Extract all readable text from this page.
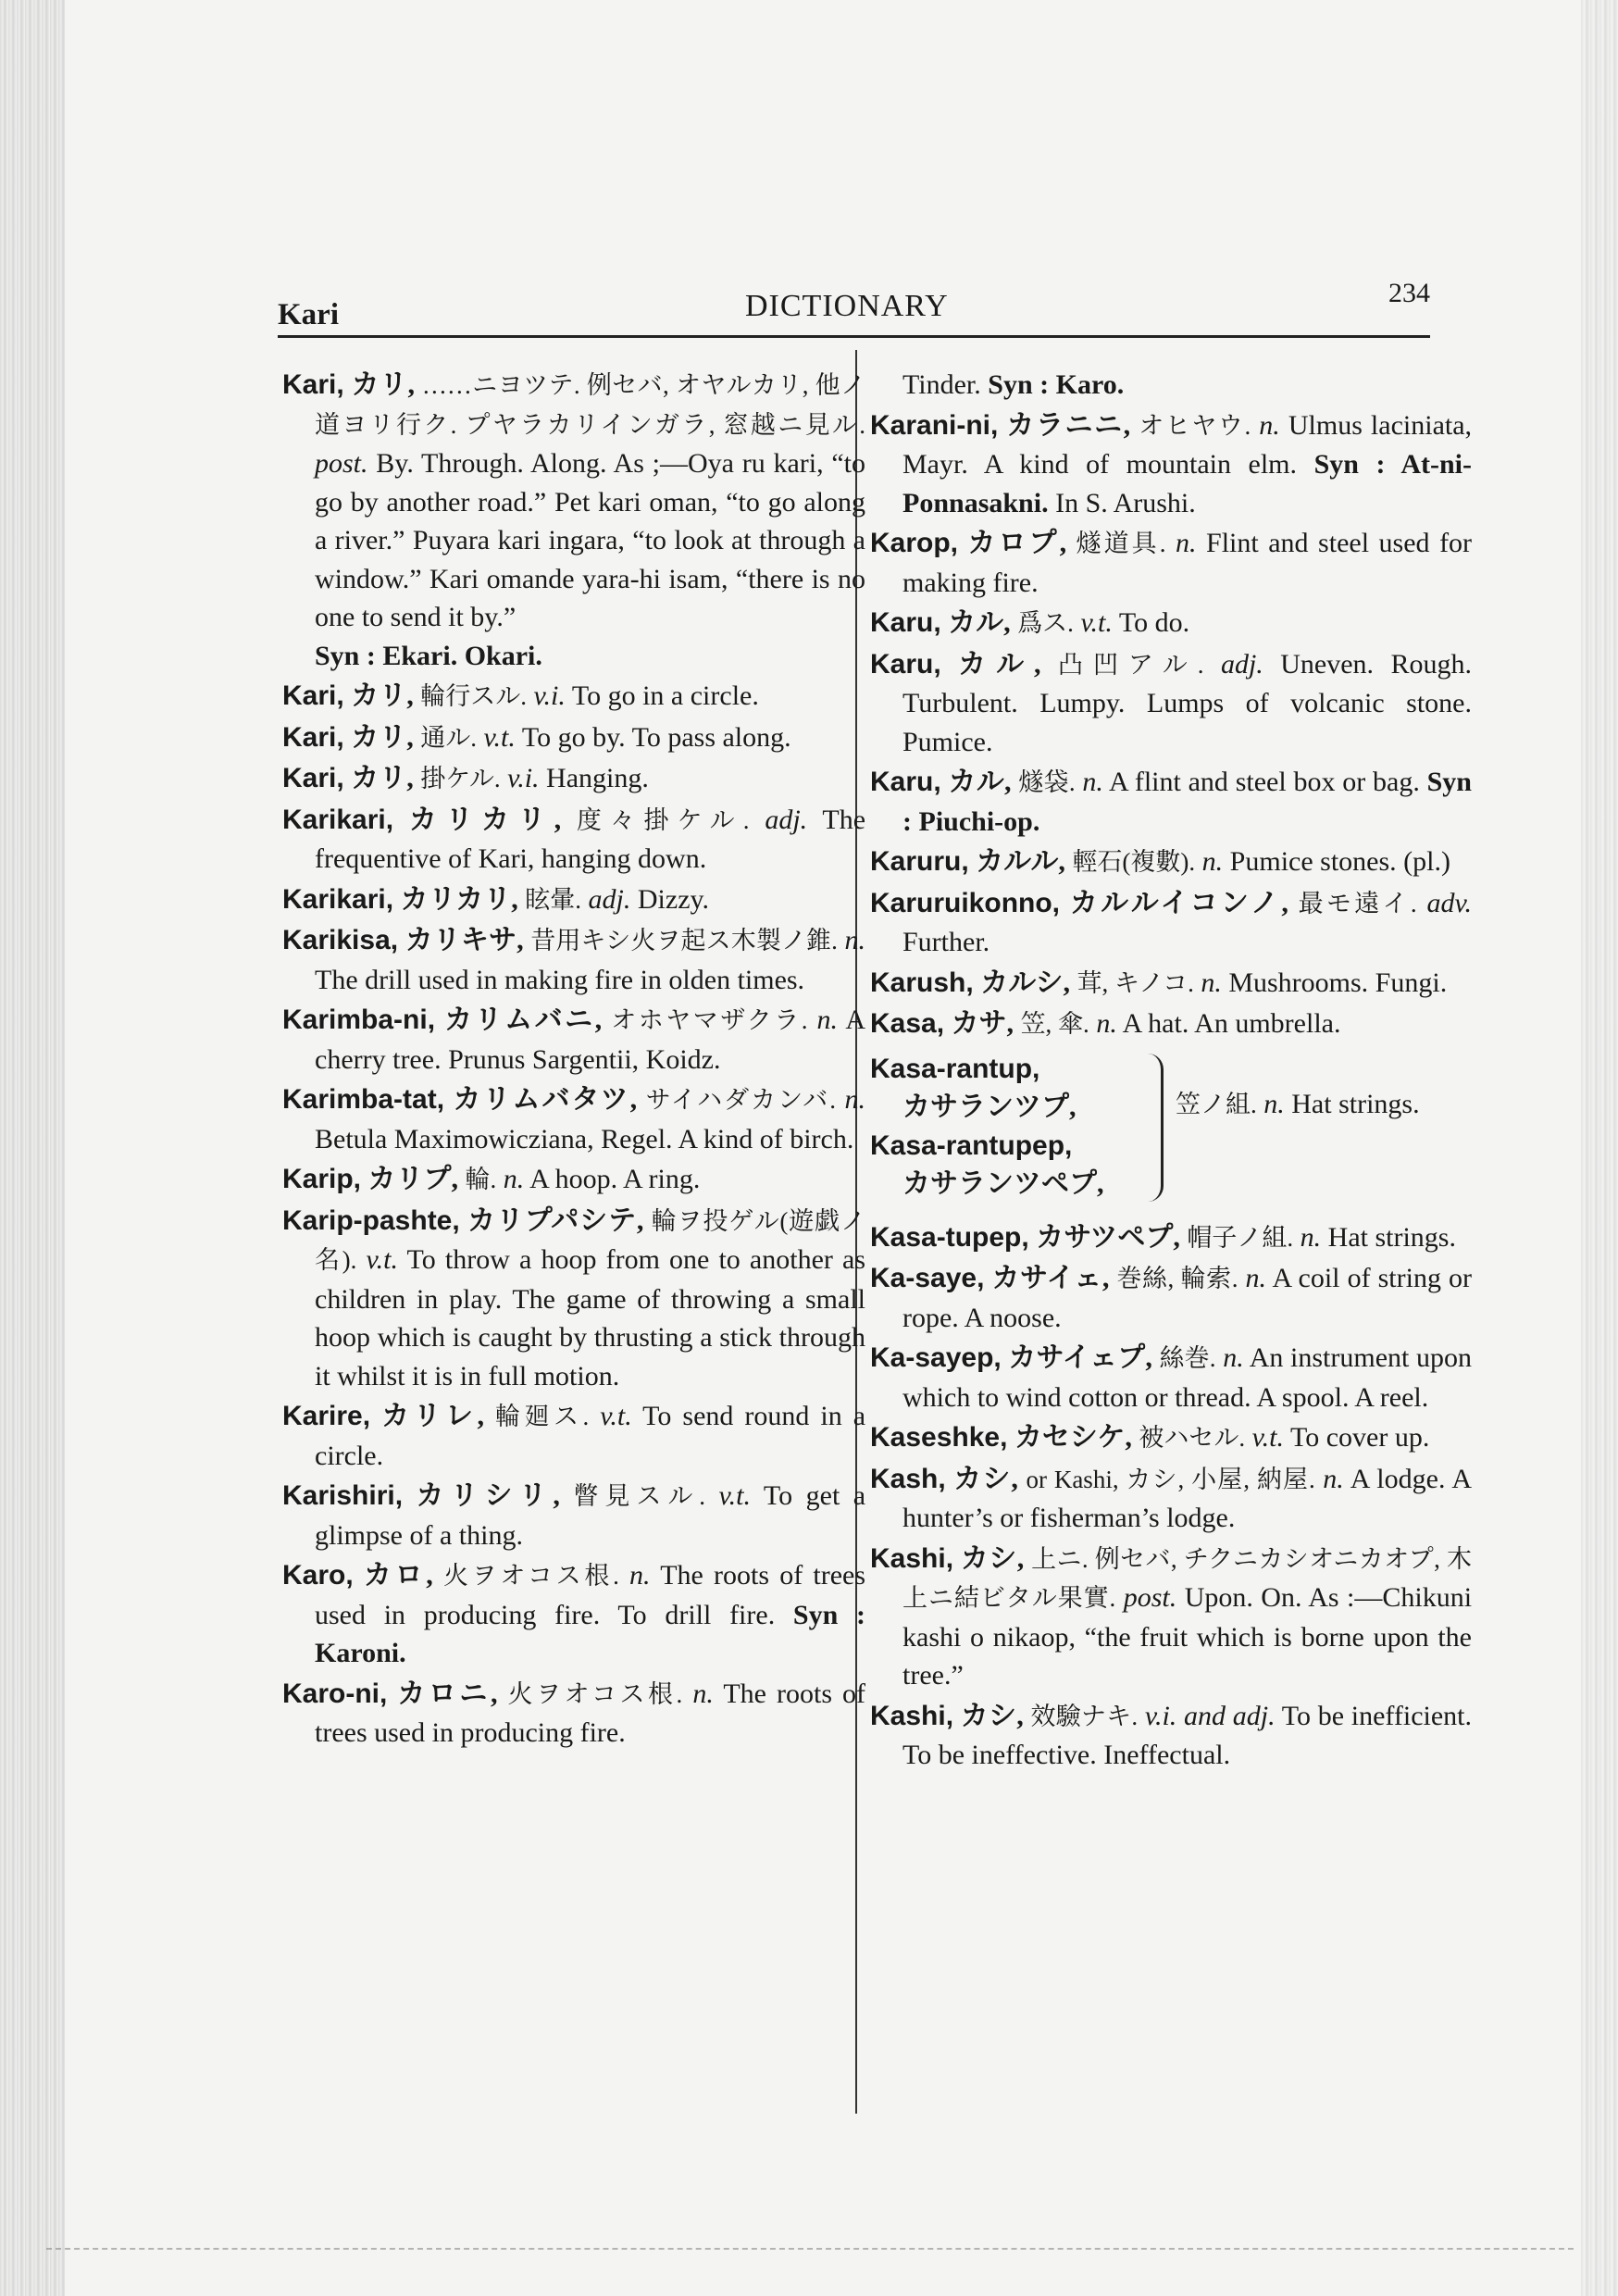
Kari	DICTIONARY	234

Kari, カリ, ……ニヨツテ. 例セバ, オヤルカリ, 他ノ道ヨリ行ク. プヤラカリインガラ, 窓越ニ見ル. post. By. Through. Along. As ;—Oya ru kari, “to go by another road.” Pet kari oman, “to go along a river.” Puyara kari ingara, “to look at through a window.” Kari omande yara-hi isam, “there is no one to send it by.”
Syn : Ekari. Okari.

Kari, カリ, 輪行スル. v.i. To go in a circle.

Kari, カリ, 通ル. v.t. To go by. To pass along.

Kari, カリ, 掛ケル. v.i. Hanging.

Karikari, カリカリ, 度々掛ケル. adj. The frequentive of Kari, hanging down.

Karikari, カリカリ, 眩暈. adj. Dizzy.

Karikisa, カリキサ, 昔用キシ火ヲ起ス木製ノ錐. n. The drill used in making fire in olden times.

Karimba-ni, カリムバニ, オホヤマザクラ. n. A cherry tree. Prunus Sargentii, Koidz.

Karimba-tat, カリムバタツ, サイハダカンバ. n. Betula Maximowicziana, Regel. A kind of birch.

Karip, カリプ, 輪. n. A hoop. A ring.

Karip-pashte, カリプパシテ, 輪ヲ投ゲル(遊戯ノ名). v.t. To throw a hoop from one to another as children in play. The game of throwing a small hoop which is caught by thrusting a stick through it whilst it is in full motion.

Karire, カリレ, 輪廻ス. v.t. To send round in a circle.

Karishiri, カリシリ, 瞥見スル. v.t. To get a glimpse of a thing.

Karo, カロ, 火ヲオコス根. n. The roots of trees used in producing fire. To drill fire. Syn : Karoni.

Karo-ni, カロニ, 火ヲオコス根. n. The roots of trees used in producing fire.

Tinder. Syn : Karo.

Karani-ni, カラニニ, オヒヤウ. n. Ulmus laciniata, Mayr. A kind of mountain elm. Syn : At-ni- Ponnasakni. In S. Arushi.

Karop, カロプ, 燧道具. n. Flint and steel used for making fire.

Karu, カル, 爲ス. v.t. To do.

Karu, カル, 凸凹アル. adj. Uneven. Rough. Turbulent. Lumpy. Lumps of volcanic stone. Pumice.

Karu, カル, 燧袋. n. A flint and steel box or bag. Syn : Piuchi-op.

Karuru, カルル, 輕石(複數). n. Pumice stones. (pl.)

Karuruikonno, カルルイコンノ, 最モ遠イ. adv. Further.

Karush, カルシ, 茸, キノコ. n. Mushrooms. Fungi.

Kasa, カサ, 笠, 傘. n. A hat. An umbrella.

Kasa-rantup,
カサランツプ,
Kasa-rantupep,
カサランツペプ,
笠ノ組. n. Hat strings.

Kasa-tupep, カサツペプ, 帽子ノ組. n. Hat strings.

Ka-saye, カサイェ, 巻絲, 輪索. n. A coil of string or rope. A noose.

Ka-sayep, カサイェプ, 絲巻. n. An instrument upon which to wind cotton or thread. A spool. A reel.

Kaseshke, カセシケ, 被ハセル. v.t. To cover up.

Kash, カシ, or Kashi, カシ, 小屋, 納屋. n. A lodge. A hunter’s or fisherman’s lodge.

Kashi, カシ, 上ニ. 例セバ, チクニカシオニカオプ, 木上ニ結ビタル果實. post. Upon. On. As :—Chikuni kashi o nikaop, “the fruit which is borne upon the tree.”

Kashi, カシ, 效驗ナキ. v.i. and adj. To be inefficient. To be ineffective. Ineffectual.
